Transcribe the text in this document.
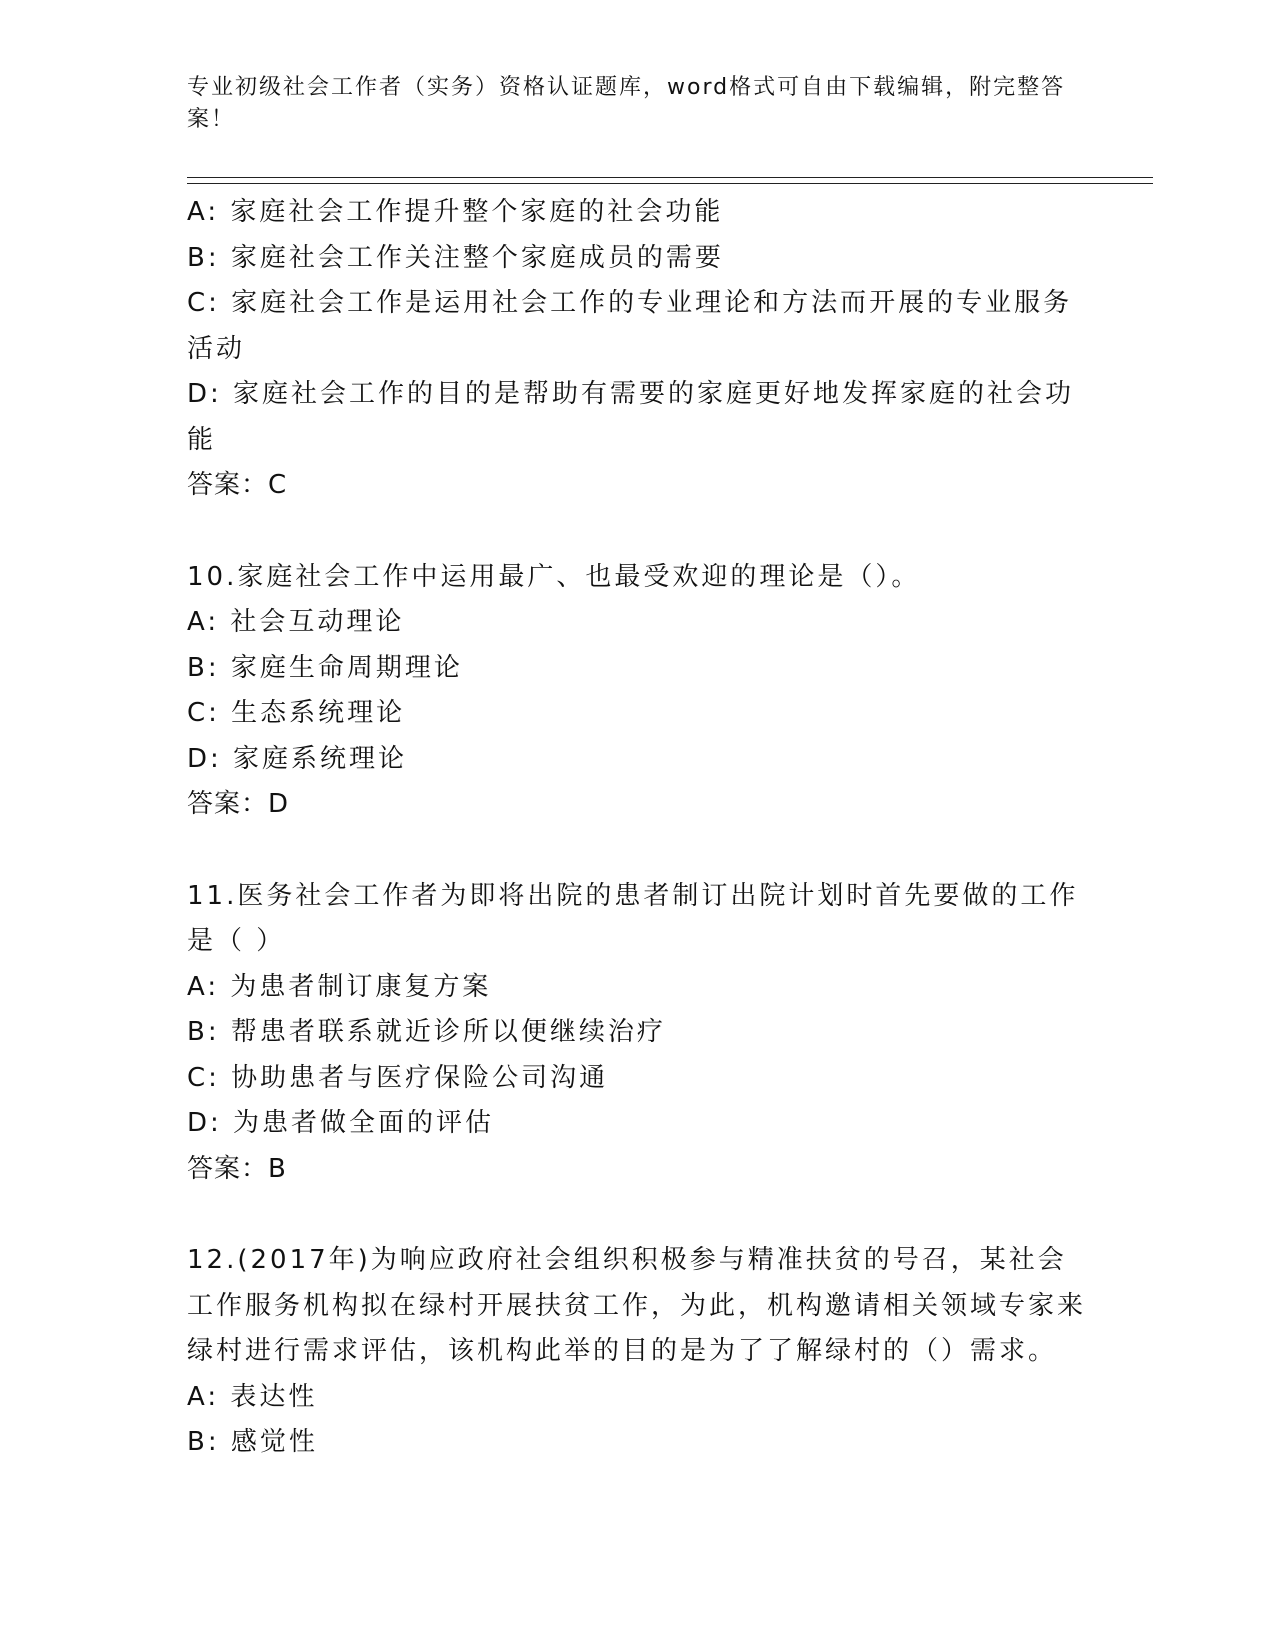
专业初级社会工作者（实务）资格认证题库，word格式可自由下载编辑，附完整答案！
A: 家庭社会工作提升整个家庭的社会功能
B: 家庭社会工作关注整个家庭成员的需要
C: 家庭社会工作是运用社会工作的专业理论和方法而开展的专业服务活动
D: 家庭社会工作的目的是帮助有需要的家庭更好地发挥家庭的社会功能
答案：C
10.家庭社会工作中运用最广、也最受欢迎的理论是（）。
A: 社会互动理论
B: 家庭生命周期理论
C: 生态系统理论
D: 家庭系统理论
答案：D
11.医务社会工作者为即将出院的患者制订出院计划时首先要做的工作是（ ）
A: 为患者制订康复方案
B: 帮患者联系就近诊所以便继续治疗
C: 协助患者与医疗保险公司沟通
D: 为患者做全面的评估
答案：B
12.(2017年)为响应政府社会组织积极参与精准扶贫的号召，某社会工作服务机构拟在绿村开展扶贫工作，为此，机构邀请相关领域专家来绿村进行需求评估，该机构此举的目的是为了了解绿村的（）需求。
A: 表达性
B: 感觉性
